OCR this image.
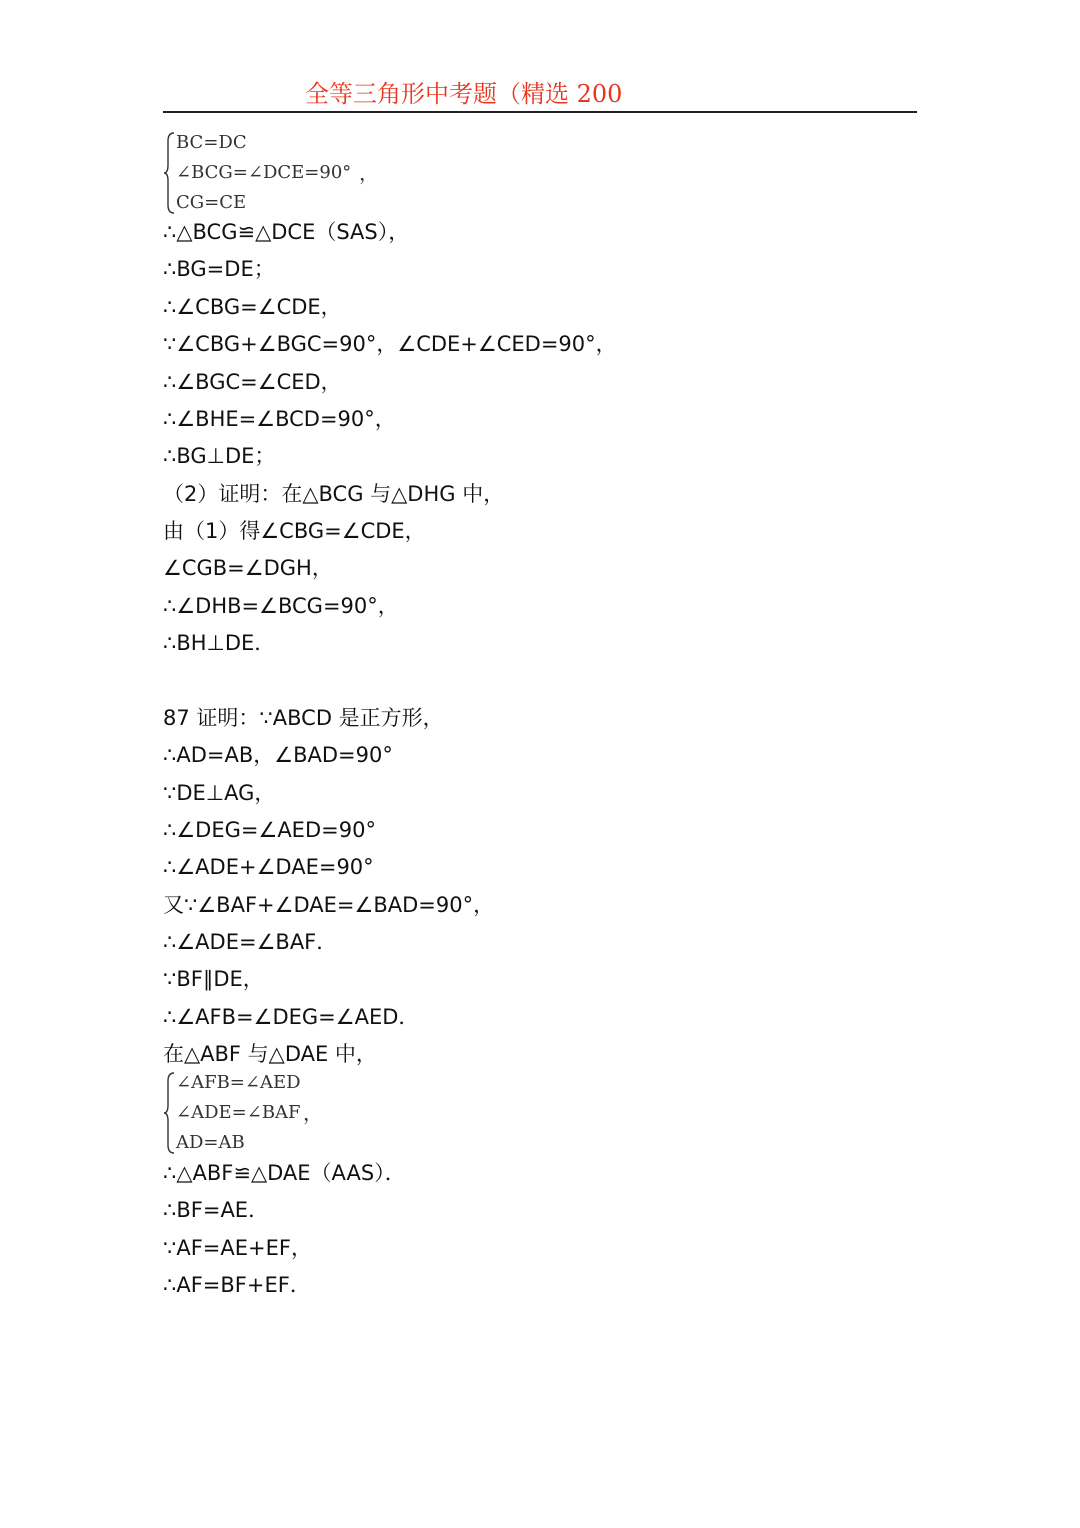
全等三角形中考题（精选 200
BC=DC
∠BCG=∠DCE=90°
CG=CE
，
∴△BCG≌△DCE（SAS），
∴BG=DE；
∴∠CBG=∠CDE，
∵∠CBG+∠BGC=90°，∠CDE+∠CED=90°，
∴∠BGC=∠CED，
∴∠BHE=∠BCD=90°，
∴BG⊥DE；
（2）证明：在△BCG 与△DHG 中，
由（1）得∠CBG=∠CDE，
∠CGB=∠DGH，
∴∠DHB=∠BCG=90°，
∴BH⊥DE．
87 证明：∵ABCD 是正方形，
∴AD=AB，∠BAD=90°
∵DE⊥AG，
∴∠DEG=∠AED=90°
∴∠ADE+∠DAE=90°
又∵∠BAF+∠DAE=∠BAD=90°，
∴∠ADE=∠BAF．
∵BF∥DE，
∴∠AFB=∠DEG=∠AED．
在△ABF 与△DAE 中，
∠AFB=∠AED
∠ADE=∠BAF
AD=AB
，
∴△ABF≌△DAE（AAS）．
∴BF=AE．
∵AF=AE+EF，
∴AF=BF+EF．
